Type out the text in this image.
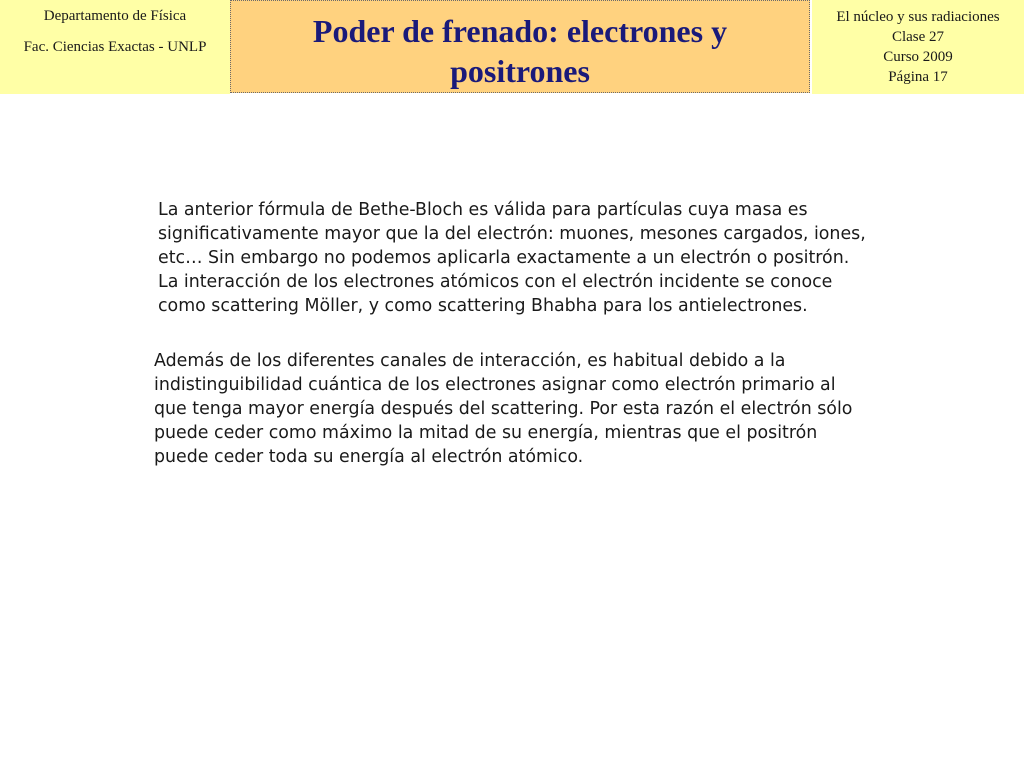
Departamento de Física
Fac. Ciencias Exactas - UNLP	Poder de frenado: electrones y
positrones
El núcleo y sus radiaciones
Clase 27
Curso 2009
Página 17
La anterior fórmula de Bethe-Bloch es válida para partículas cuya masa es
significativamente mayor que la del electrón: muones, mesones cargados, iones,
etc… Sin embargo no podemos aplicarla exactamente a un electrón o positrón.
La interacción de los electrones atómicos con el electrón incidente se conoce
como scattering Möller, y como scattering Bhabha para los antielectrones.
Además de los diferentes canales de interacción, es habitual debido a la
indistinguibilidad cuántica de los electrones asignar como electrón primario al
que tenga mayor energía después del scattering. Por esta razón el electrón sólo
puede ceder como máximo la mitad de su energía, mientras que el positrón
puede ceder toda su energía al electrón atómico.
